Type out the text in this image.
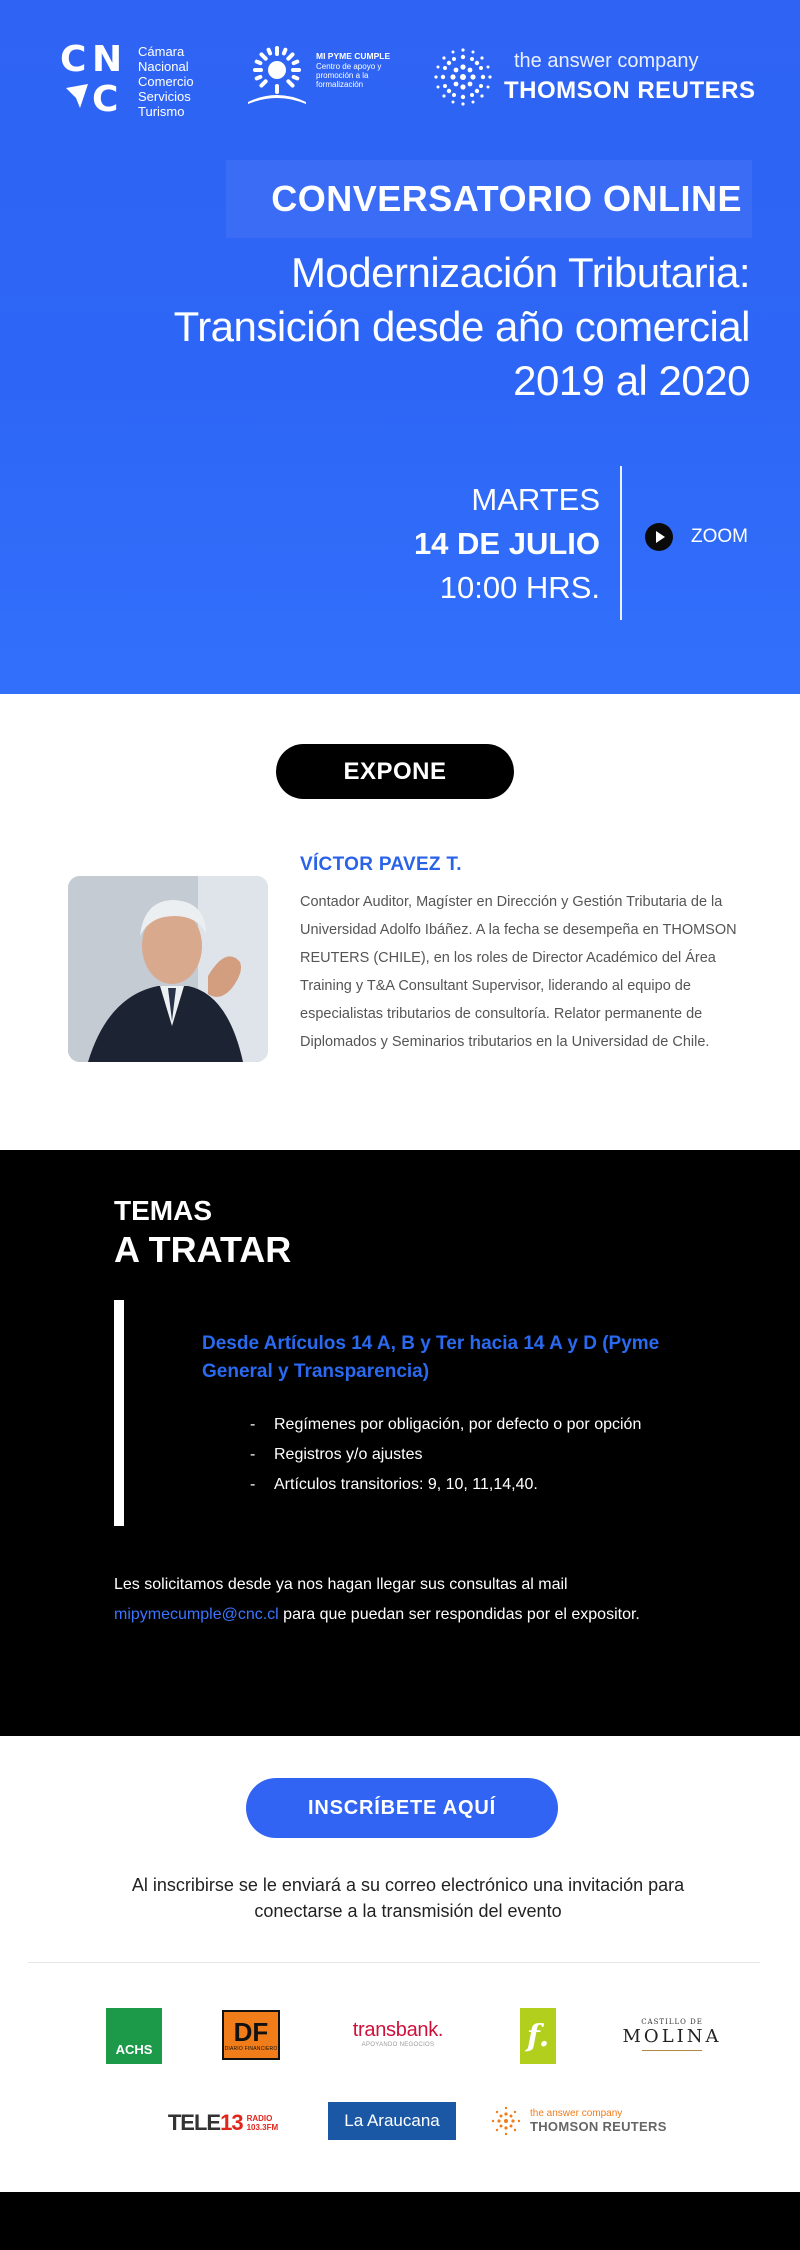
C N
C
Cámara
Nacional
Comercio
Servicios
Turismo
MI PYME CUMPLE
Centro de apoyo y promoción a la formalización
the answer company
THOMSON REUTERS
CONVERSATORIO ONLINE
Modernización Tributaria:
Transición desde año comercial
2019 al 2020
MARTES
14 DE JULIO
10:00 HRS.
ZOOM
EXPONE
VÍCTOR PAVEZ T.

Contador Auditor, Magíster en Dirección y Gestión Tributaria de la Universidad Adolfo Ibáñez. A la fecha se desempeña en THOMSON REUTERS (CHILE), en los roles de Director Académico del Área Training y T&A Consultant Supervisor, liderando al equipo de especialistas tributarios de consultoría. Relator permanente de Diplomados y Seminarios tributarios en la Universidad de Chile.

TEMAS
A TRATAR
Desde Artículos 14 A, B y Ter hacia 14 A y D (Pyme General y Transparencia)
- Regímenes por obligación, por defecto o por opción
- Registros y/o ajustes
- Artículos transitorios: 9, 10, 11,14,40.

Les solicitamos desde ya nos hagan llegar sus consultas al mail
mipymecumple@cnc.cl para que puedan ser respondidas por el expositor.

INSCRÍBETE AQUÍ

Al inscribirse se le enviará a su correo electrónico una invitación para conectarse a la transmisión del evento

ACHS
DF
DIARIO FINANCIERO
transbank.
APOYANDO NEGOCIOS	f.	CASTILLO DE
MOLINA
TELE13 RADIO
103.3FM	La Araucana	the answer company
THOMSON REUTERS
